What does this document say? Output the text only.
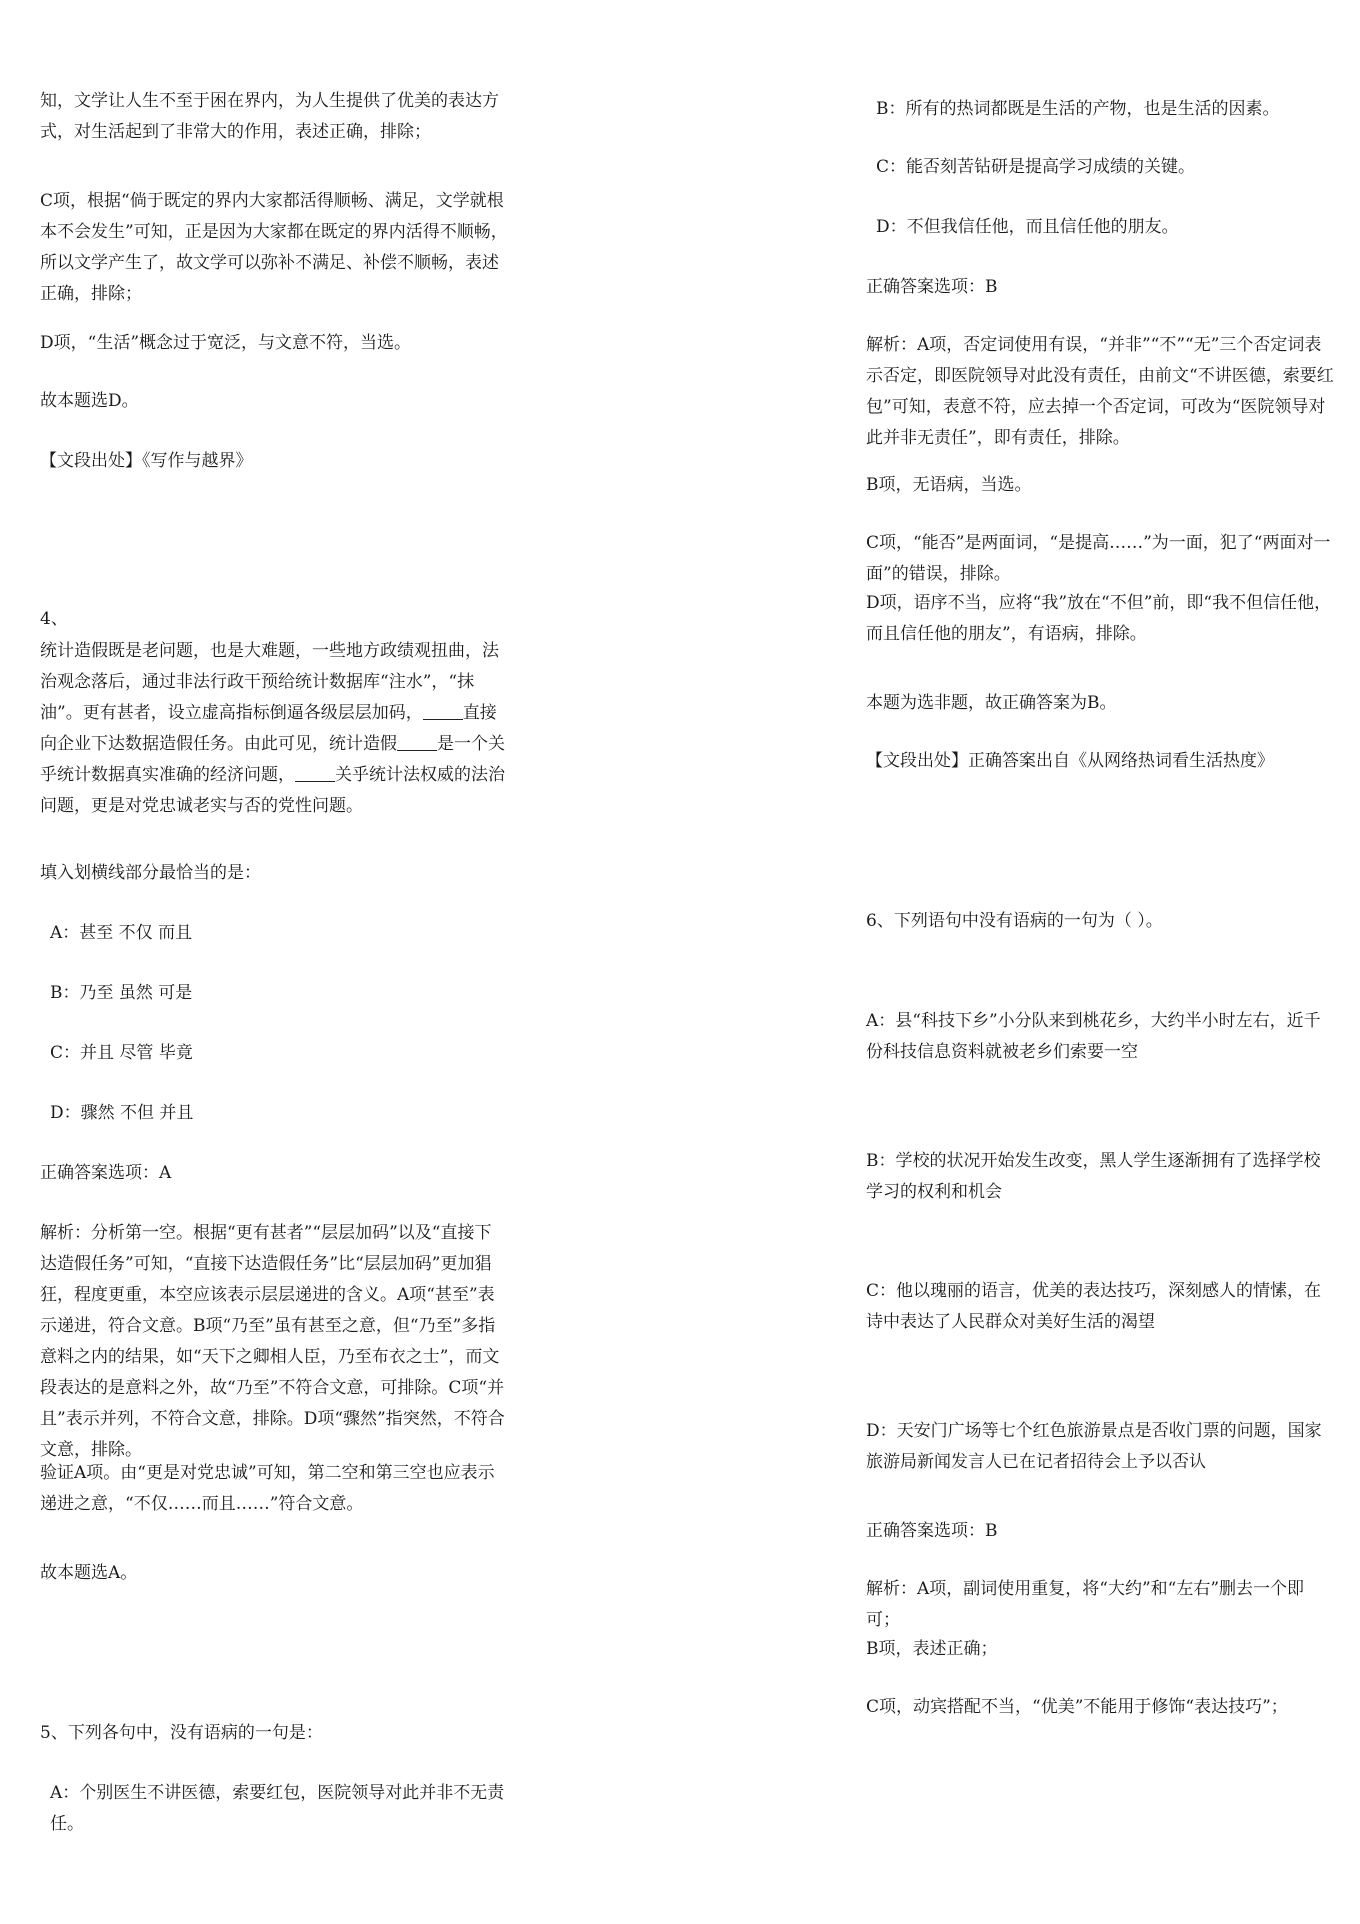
知，文学让人生不至于困在界内，为人生提供了优美的表达方式，对生活起到了非常大的作用，表述正确，排除；

C项，根据“倘于既定的界内大家都活得顺畅、满足，文学就根本不会发生”可知，正是因为大家都在既定的界内活得不顺畅，所以文学产生了，故文学可以弥补不满足、补偿不顺畅，表述正确，排除；

D项，“生活”概念过于宽泛，与文意不符，当选。

故本题选D。

【文段出处】《写作与越界》

4、

统计造假既是老问题，也是大难题，一些地方政绩观扭曲，法治观念落后，通过非法行政干预给统计数据库“注水”，“抹油”。更有甚者，设立虚高指标倒逼各级层层加码， 直接向企业下达数据造假任务。由此可见，统计造假 是一个关乎统计数据真实准确的经济问题， 关乎统计法权威的法治问题，更是对党忠诚老实与否的党性问题。

填入划横线部分最恰当的是：

A：甚至 不仅 而且

B：乃至 虽然 可是

C：并且 尽管 毕竟

D：骤然 不但 并且

正确答案选项：A

解析：分析第一空。根据“更有甚者”“层层加码”以及“直接下达造假任务”可知，“直接下达造假任务”比“层层加码”更加猖狂，程度更重，本空应该表示层层递进的含义。A项“甚至”表示递进，符合文意。B项“乃至”虽有甚至之意，但“乃至”多指意料之内的结果，如“天下之卿相人臣，乃至布衣之士”，而文段表达的是意料之外，故“乃至”不符合文意，可排除。C项“并且”表示并列，不符合文意，排除。D项“骤然”指突然，不符合文意，排除。

验证A项。由“更是对党忠诚”可知，第二空和第三空也应表示递进之意，“不仅……而且……”符合文意。

故本题选A。

5、下列各句中，没有语病的一句是：

A：个别医生不讲医德，索要红包，医院领导对此并非不无责任。

B：所有的热词都既是生活的产物，也是生活的因素。

C：能否刻苦钻研是提高学习成绩的关键。

D：不但我信任他，而且信任他的朋友。

正确答案选项：B

解析：A项，否定词使用有误，“并非”“不”“无”三个否定词表示否定，即医院领导对此没有责任，由前文“不讲医德，索要红包”可知，表意不符，应去掉一个否定词，可改为“医院领导对此并非无责任”，即有责任，排除。

B项，无语病，当选。

C项，“能否”是两面词，“是提高……”为一面，犯了“两面对一面”的错误，排除。

D项，语序不当，应将“我”放在“不但”前，即“我不但信任他，而且信任他的朋友”，有语病，排除。

本题为选非题，故正确答案为B。

【文段出处】正确答案出自《从网络热词看生活热度》

6、下列语句中没有语病的一句为（ ）。

A：县“科技下乡”小分队来到桃花乡，大约半小时左右，近千份科技信息资料就被老乡们索要一空

B：学校的状况开始发生改变，黑人学生逐渐拥有了选择学校学习的权利和机会

C：他以瑰丽的语言，优美的表达技巧，深刻感人的情愫，在诗中表达了人民群众对美好生活的渴望

D：天安门广场等七个红色旅游景点是否收门票的问题，国家旅游局新闻发言人已在记者招待会上予以否认

正确答案选项：B

解析：A项，副词使用重复，将“大约”和“左右”删去一个即可；

B项，表述正确；

C项，动宾搭配不当，“优美”不能用于修饰“表达技巧”；
